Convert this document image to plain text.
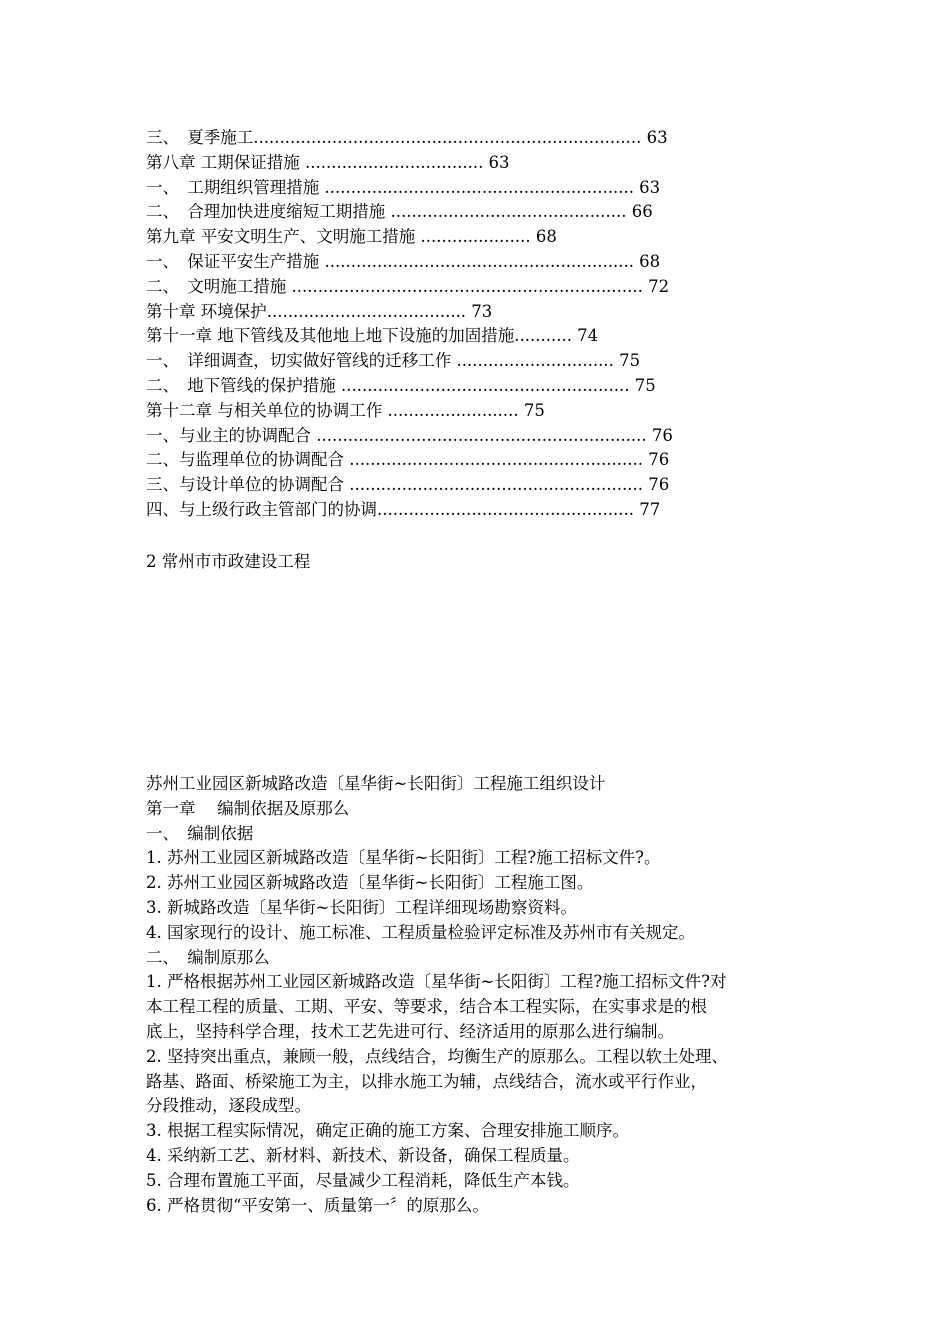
三、　夏季施工.......................................................................... 63
第八章 工期保证措施 .................................. 63
一、　工期组织管理措施 ........................................................... 63
二、　合理加快进度缩短工期措施 ............................................. 66
第九章 平安文明生产、文明施工措施 ..................... 68
一、　保证平安生产措施 ........................................................... 68
二、　文明施工措施 ................................................................... 72
第十章 环境保护...................................... 73
第十一章 地下管线及其他地上地下设施的加固措施........... 74
一、　详细调查，切实做好管线的迁移工作 .............................. 75
二、　地下管线的保护措施 ....................................................... 75
第十二章 与相关单位的协调工作 ......................... 75
一、与业主的协调配合 ............................................................... 76
二、与监理单位的协调配合 ........................................................ 76
三、与设计单位的协调配合 ........................................................ 76
四、与上级行政主管部门的协调................................................. 77
2 常州市市政建设工程
苏州工业园区新城路改造〔星华街~长阳街〕工程施工组织设计
第一章　 编制依据及原那么
一、　编制依据
1. 苏州工业园区新城路改造〔星华街~长阳街〕工程?施工招标文件?。
2. 苏州工业园区新城路改造〔星华街~长阳街〕工程施工图。
3. 新城路改造〔星华街~长阳街〕工程详细现场勘察资料。
4. 国家现行的设计、施工标准、工程质量检验评定标准及苏州市有关规定。
二、　编制原那么
1. 严格根据苏州工业园区新城路改造〔星华街~长阳街〕工程?施工招标文件?对
本工程工程的质量、工期、平安、等要求，结合本工程实际，在实事求是的根
底上，坚持科学合理，技术工艺先进可行、经济适用的原那么进行编制。
2. 坚持突出重点，兼顾一般，点线结合，均衡生产的原那么。工程以软土处理、
路基、路面、桥梁施工为主，以排水施工为辅，点线结合，流水或平行作业，
分段推动，逐段成型。
3. 根据工程实际情况，确定正确的施工方案、合理安排施工顺序。
4. 采纳新工艺、新材料、新技术、新设备，确保工程质量。
5. 合理布置施工平面，尽量减少工程消耗，降低生产本钱。
6. 严格贯彻“平安第一、质量第一〞的原那么。
